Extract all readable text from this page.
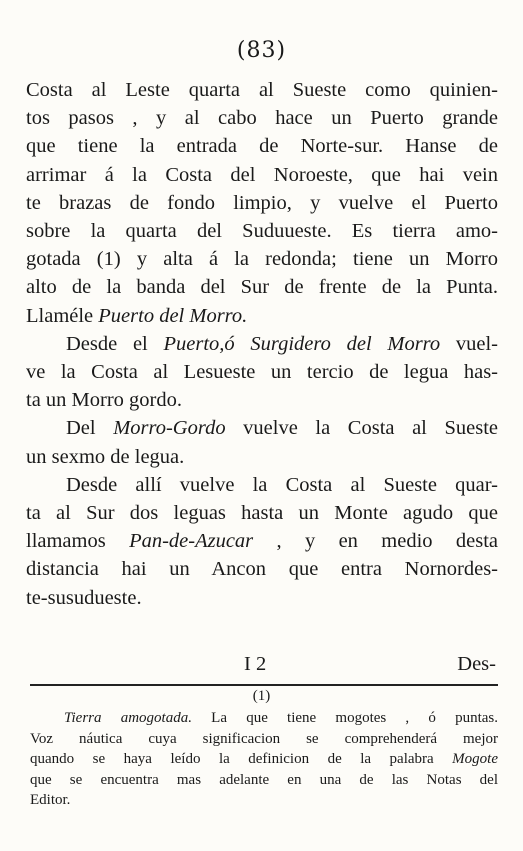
(83)
Costa al Leste quarta al Sueste como quinien-
tos pasos , y al cabo hace un Puerto grande
que tiene la entrada de Norte-sur. Hanse de
arrimar á la Costa del Noroeste, que hai vein
te brazas de fondo limpio, y vuelve el Puerto
sobre la quarta del Suduueste. Es tierra amo-
gotada (1) y alta á la redonda; tiene un Morro
alto de la banda del Sur de frente de la Punta.
Llaméle Puerto del Morro.
Desde el Puerto,ó Surgidero del Morro vuel-
ve la Costa al Lesueste un tercio de legua has-
ta un Morro gordo.
Del Morro-Gordo vuelve la Costa al Sueste
un sexmo de legua.
Desde allí vuelve la Costa al Sueste quar-
ta al Sur dos leguas hasta un Monte agudo que
llamamos Pan-de-Azucar , y en medio desta
distancia hai un Ancon que entra Nornordes-
te-susudueste.
I 2	Des-
(1)
Tierra amogotada. La que tiene mogotes , ó puntas.
Voz náutica cuya significacion se comprehenderá mejor
quando se haya leído la definicion de la palabra Mogote
que se encuentra mas adelante en una de las Notas del
Editor.
